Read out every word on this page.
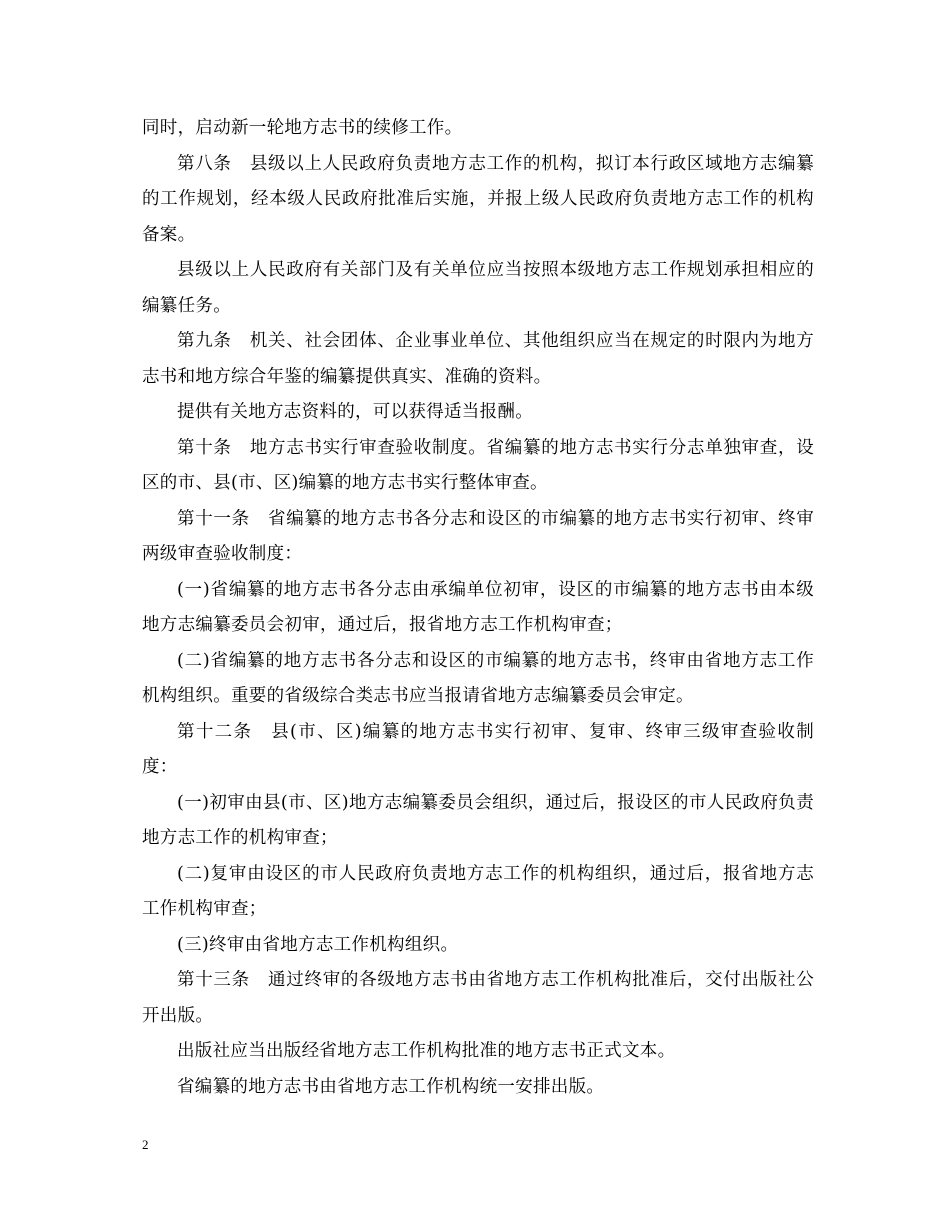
同时，启动新一轮地方志书的续修工作。

第八条　县级以上人民政府负责地方志工作的机构，拟订本行政区域地方志编纂的工作规划，经本级人民政府批准后实施，并报上级人民政府负责地方志工作的机构备案。

县级以上人民政府有关部门及有关单位应当按照本级地方志工作规划承担相应的编纂任务。

第九条　机关、社会团体、企业事业单位、其他组织应当在规定的时限内为地方志书和地方综合年鉴的编纂提供真实、准确的资料。

提供有关地方志资料的，可以获得适当报酬。

第十条　地方志书实行审查验收制度。省编纂的地方志书实行分志单独审查，设区的市、县(市、区)编纂的地方志书实行整体审查。

第十一条　省编纂的地方志书各分志和设区的市编纂的地方志书实行初审、终审两级审查验收制度：

(一)省编纂的地方志书各分志由承编单位初审，设区的市编纂的地方志书由本级地方志编纂委员会初审，通过后，报省地方志工作机构审查；

(二)省编纂的地方志书各分志和设区的市编纂的地方志书，终审由省地方志工作机构组织。重要的省级综合类志书应当报请省地方志编纂委员会审定。

第十二条　县(市、区)编纂的地方志书实行初审、复审、终审三级审查验收制度：

(一)初审由县(市、区)地方志编纂委员会组织，通过后，报设区的市人民政府负责地方志工作的机构审查；

(二)复审由设区的市人民政府负责地方志工作的机构组织，通过后，报省地方志工作机构审查；

(三)终审由省地方志工作机构组织。

第十三条　通过终审的各级地方志书由省地方志工作机构批准后，交付出版社公开出版。

出版社应当出版经省地方志工作机构批准的地方志书正式文本。

省编纂的地方志书由省地方志工作机构统一安排出版。

2
